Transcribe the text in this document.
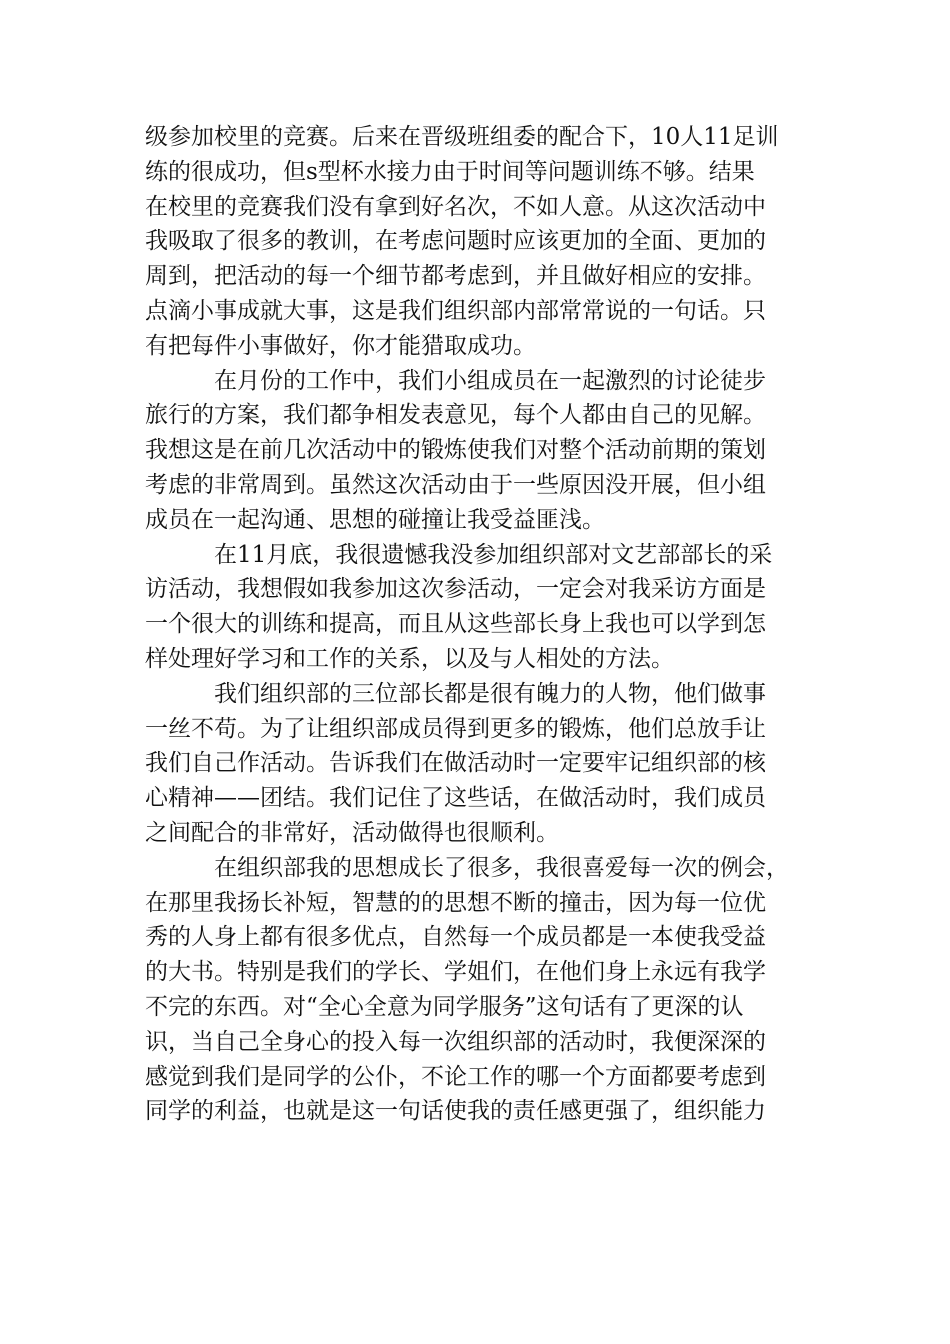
级参加校里的竞赛。后来在晋级班组委的配合下，10人11足训
练的很成功，但s型杯水接力由于时间等问题训练不够。结果
在校里的竞赛我们没有拿到好名次，不如人意。从这次活动中
我吸取了很多的教训，在考虑问题时应该更加的全面、更加的
周到，把活动的每一个细节都考虑到，并且做好相应的安排。
点滴小事成就大事，这是我们组织部内部常常说的一句话。只
有把每件小事做好，你才能猎取成功。
在月份的工作中，我们小组成员在一起激烈的讨论徒步
旅行的方案，我们都争相发表意见，每个人都由自己的见解。
我想这是在前几次活动中的锻炼使我们对整个活动前期的策划
考虑的非常周到。虽然这次活动由于一些原因没开展，但小组
成员在一起沟通、思想的碰撞让我受益匪浅。
在11月底，我很遗憾我没参加组织部对文艺部部长的采
访活动，我想假如我参加这次参活动，一定会对我采访方面是
一个很大的训练和提高，而且从这些部长身上我也可以学到怎
样处理好学习和工作的关系，以及与人相处的方法。
我们组织部的三位部长都是很有魄力的人物，他们做事
一丝不苟。为了让组织部成员得到更多的锻炼，他们总放手让
我们自己作活动。告诉我们在做活动时一定要牢记组织部的核
心精神——团结。我们记住了这些话，在做活动时，我们成员
之间配合的非常好，活动做得也很顺利。
在组织部我的思想成长了很多，我很喜爱每一次的例会，
在那里我扬长补短，智慧的的思想不断的撞击，因为每一位优
秀的人身上都有很多优点，自然每一个成员都是一本使我受益
的大书。特别是我们的学长、学姐们，在他们身上永远有我学
不完的东西。对“全心全意为同学服务”这句话有了更深的认
识，当自己全身心的投入每一次组织部的活动时，我便深深的
感觉到我们是同学的公仆，不论工作的哪一个方面都要考虑到
同学的利益，也就是这一句话使我的责任感更强了，组织能力
